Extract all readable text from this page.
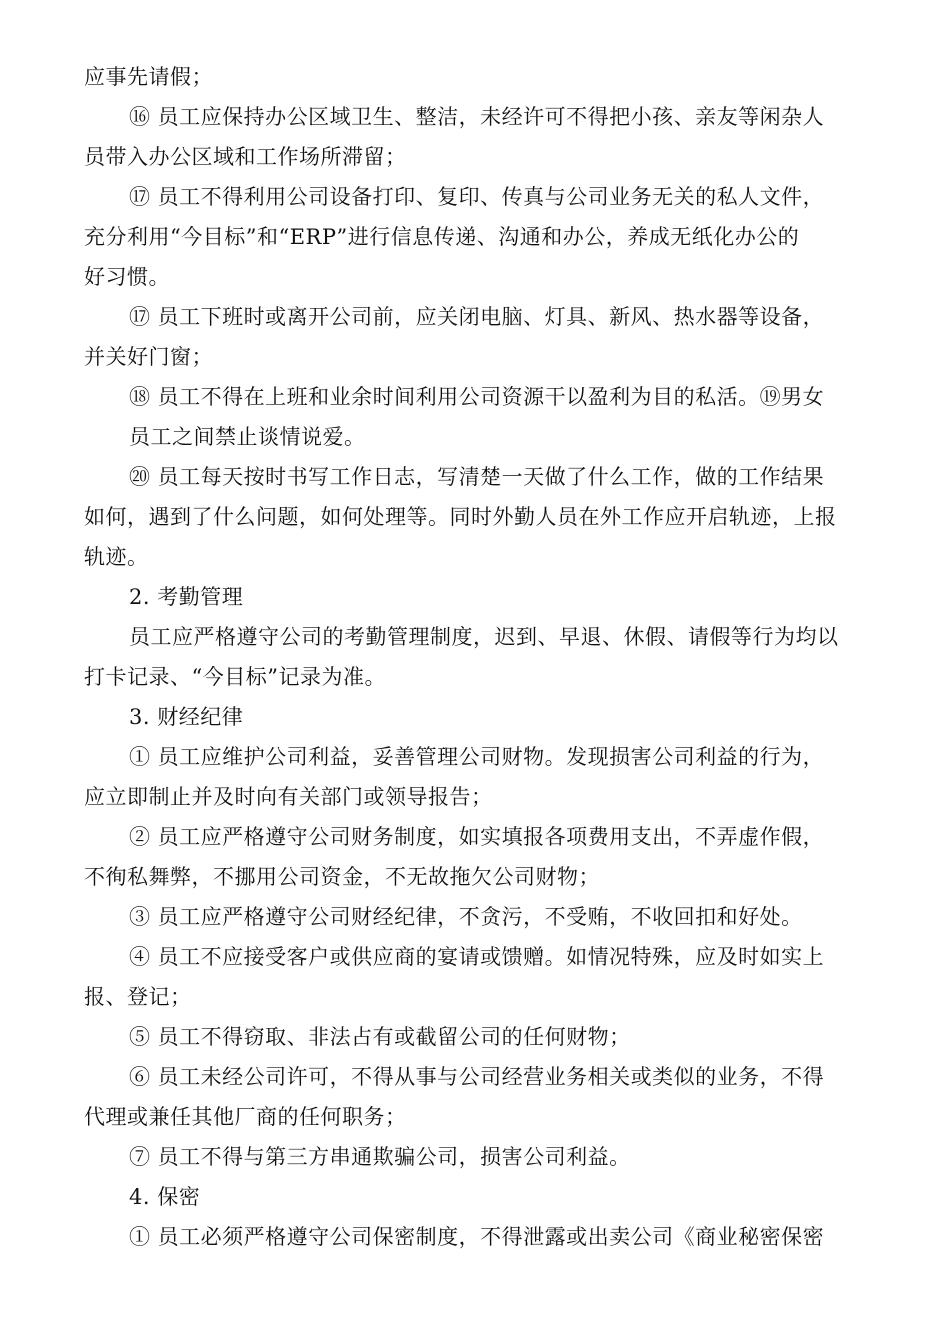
应事先请假；
⑯ 员工应保持办公区域卫生、整洁，未经许可不得把小孩、亲友等闲杂人
员带入办公区域和工作场所滞留；
⑰ 员工不得利用公司设备打印、复印、传真与公司业务无关的私人文件，
充分利用“今目标”和“ERP”进行信息传递、沟通和办公，养成无纸化办公的
好习惯。
⑰ 员工下班时或离开公司前，应关闭电脑、灯具、新风、热水器等设备，
并关好门窗；
⑱ 员工不得在上班和业余时间利用公司资源干以盈利为目的私活。⑲男女
员工之间禁止谈情说爱。
⑳ 员工每天按时书写工作日志，写清楚一天做了什么工作，做的工作结果
如何，遇到了什么问题，如何处理等。同时外勤人员在外工作应开启轨迹，上报
轨迹。
2. 考勤管理
员工应严格遵守公司的考勤管理制度，迟到、早退、休假、请假等行为均以
打卡记录、“今目标”记录为准。
3. 财经纪律
① 员工应维护公司利益，妥善管理公司财物。发现损害公司利益的行为，
应立即制止并及时向有关部门或领导报告；
② 员工应严格遵守公司财务制度，如实填报各项费用支出，不弄虚作假，
不徇私舞弊，不挪用公司资金，不无故拖欠公司财物；
③ 员工应严格遵守公司财经纪律，不贪污，不受贿，不收回扣和好处。
④ 员工不应接受客户或供应商的宴请或馈赠。如情况特殊，应及时如实上
报、登记；
⑤ 员工不得窃取、非法占有或截留公司的任何财物；
⑥ 员工未经公司许可，不得从事与公司经营业务相关或类似的业务，不得
代理或兼任其他厂商的任何职务；
⑦ 员工不得与第三方串通欺骗公司，损害公司利益。
4. 保密
① 员工必须严格遵守公司保密制度，不得泄露或出卖公司《商业秘密保密
